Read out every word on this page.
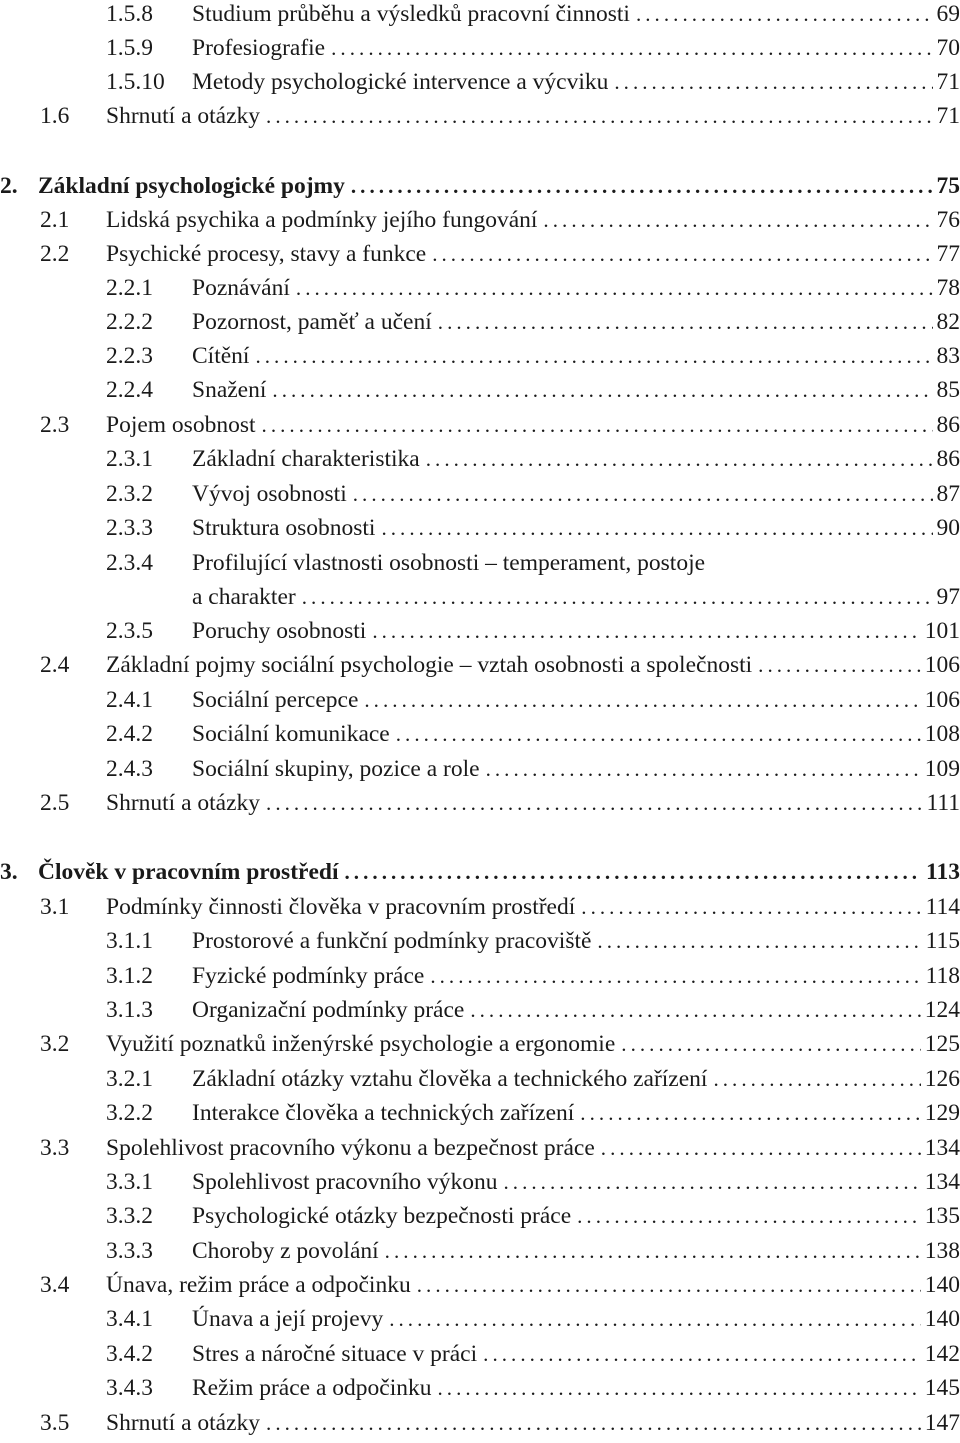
1.5.8 Studium průběhu a výsledků pracovní činnosti . . .	69
1.5.9 Profesiografie . . .	70
1.5.10 Metody psychologické intervence a výcviku . . .	71
1.6 Shrnutí a otázky . . .	71
2. Základní psychologické pojmy . . .	75
2.1 Lidská psychika a podmínky jejího fungování . . .	76
2.2 Psychické procesy, stavy a funkce . . .	77
2.2.1 Poznávání . . .	78
2.2.2 Pozornost, paměť a učení . . .	82
2.2.3 Cítění . . .	83
2.2.4 Snažení . . .	85
2.3 Pojem osobnost . . .	86
2.3.1 Základní charakteristika . . .	86
2.3.2 Vývoj osobnosti . . .	87
2.3.3 Struktura osobnosti . . .	90
2.3.4 Profilující vlastnosti osobnosti – temperament, postoje
a charakter . . .	97
2.3.5 Poruchy osobnosti . . .	101
2.4 Základní pojmy sociální psychologie – vztah osobnosti a společnosti . . .	106
2.4.1 Sociální percepce . . .	106
2.4.2 Sociální komunikace . . .	108
2.4.3 Sociální skupiny, pozice a role . . .	109
2.5 Shrnutí a otázky . . .	111
3. Člověk v pracovním prostředí . . .	113
3.1 Podmínky činnosti člověka v pracovním prostředí . . .	114
3.1.1 Prostorové a funkční podmínky pracoviště . . .	115
3.1.2 Fyzické podmínky práce . . .	118
3.1.3 Organizační podmínky práce . . .	124
3.2 Využití poznatků inženýrské psychologie a ergonomie . . .	125
3.2.1 Základní otázky vztahu člověka a technického zařízení . . .	126
3.2.2 Interakce člověka a technických zařízení . . .	129
3.3 Spolehlivost pracovního výkonu a bezpečnost práce . . .	134
3.3.1 Spolehlivost pracovního výkonu . . .	134
3.3.2 Psychologické otázky bezpečnosti práce . . .	135
3.3.3 Choroby z povolání . . .	138
3.4 Únava, režim práce a odpočinku . . .	140
3.4.1 Únava a její projevy . . .	140
3.4.2 Stres a náročné situace v práci . . .	142
3.4.3 Režim práce a odpočinku . . .	145
3.5 Shrnutí a otázky . . .	147
